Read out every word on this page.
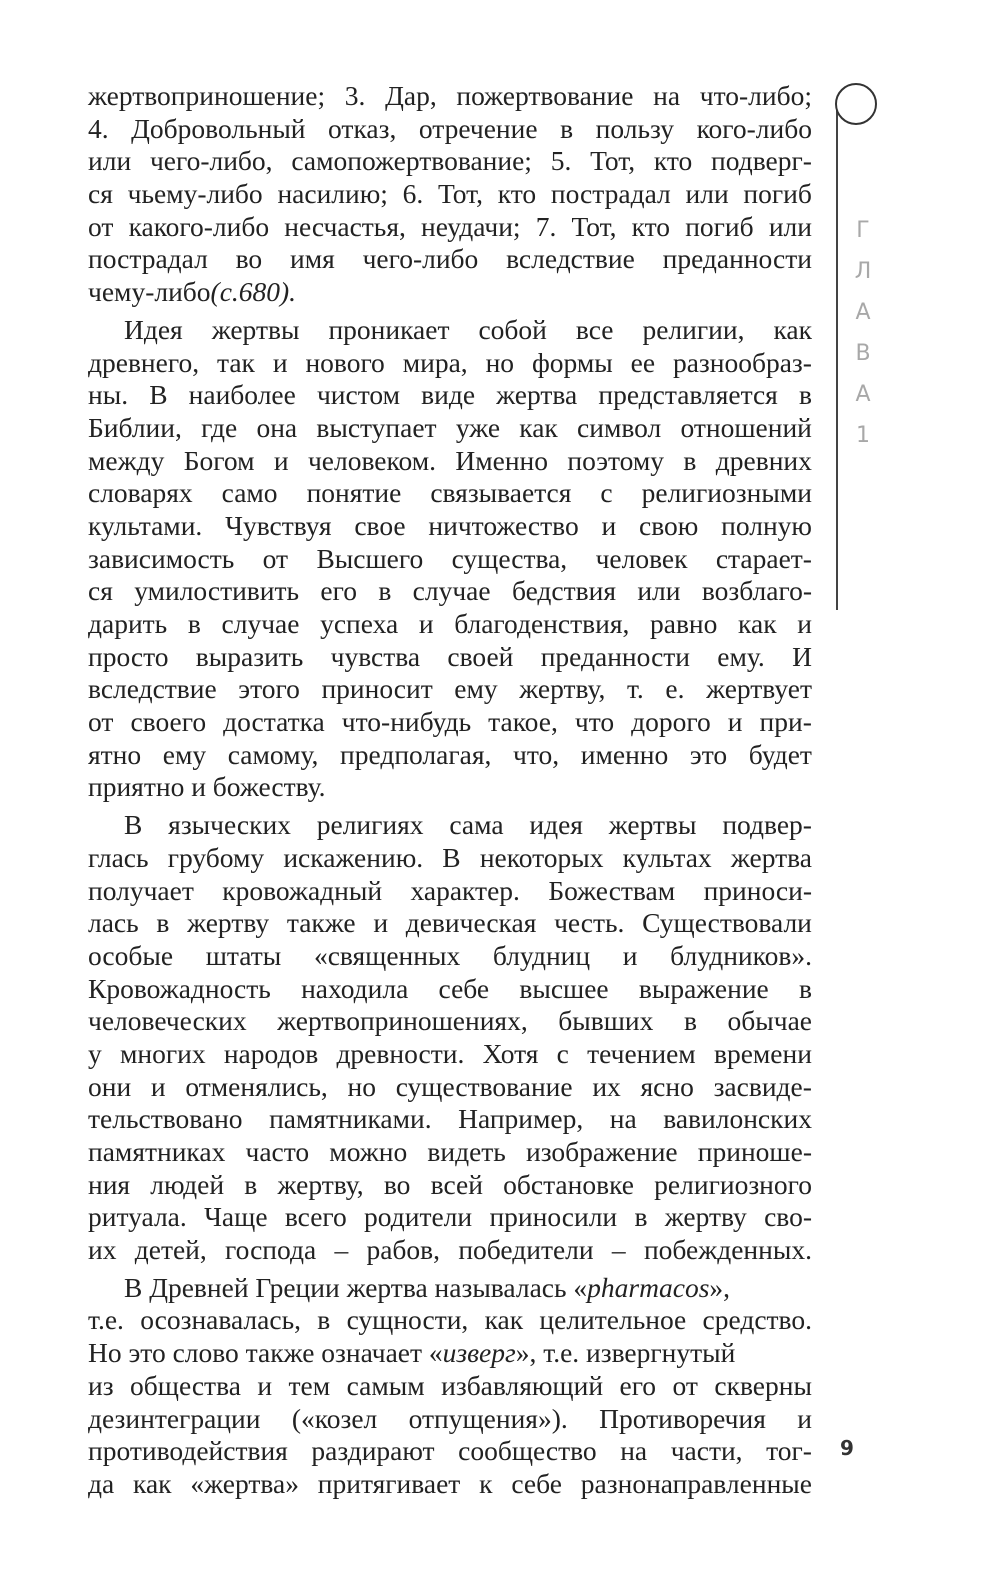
жертвоприношение; 3. Дар, пожертвование на что-либо;
4. Добровольный отказ, отречение в пользу кого-либо
или чего-либо, самопожертвование; 5. Тот, кто подверг-
ся чьему-либо насилию; 6. Тот, кто пострадал или погиб
от какого-либо несчастья, неудачи; 7. Тот, кто погиб или
пострадал во имя чего-либо вследствие преданности
чему-либо (с.680).
Идея жертвы проникает собой все религии, как
древнего, так и нового мира, но формы ее разнообраз-
ны. В наиболее чистом виде жертва представляется в
Библии, где она выступает уже как символ отношений
между Богом и человеком. Именно поэтому в древних
словарях само понятие связывается с религиозными
культами. Чувствуя свое ничтожество и свою полную
зависимость от Высшего существа, человек старает-
ся умилостивить его в случае бедствия или возблаго-
дарить в случае успеха и благоденствия, равно как и
просто выразить чувства своей преданности ему. И
вследствие этого приносит ему жертву, т. е. жертвует
от своего достатка что-нибудь такое, что дорого и при-
ятно ему самому, предполагая, что, именно это будет
приятно и божеству.
В языческих религиях сама идея жертвы подвер-
глась грубому искажению. В некоторых культах жертва
получает кровожадный характер. Божествам приноси-
лась в жертву также и девическая честь. Существовали
особые штаты «священных блудниц и блудников».
Кровожадность находила себе высшее выражение в
человеческих жертвоприношениях, бывших в обычае
у многих народов древности. Хотя с течением времени
они и отменялись, но существование их ясно засвиде-
тельствовано памятниками. Например, на вавилонских
памятниках часто можно видеть изображение приноше-
ния людей в жертву, во всей обстановке религиозного
ритуала. Чаще всего родители приносили в жертву сво-
их детей, господа – рабов, победители – побежденных.
В Древней Греции жертва называлась « pharmacos »,
т.е. осознавалась, в сущности, как целительное средство.
Но это слово также означает « изверг », т.е. извергнутый
из общества и тем самым избавляющий его от скверны
дезинтеграции («козел отпущения»). Противоречия и
противодействия раздирают сообщество на части, тог-
да как «жертва» притягивает к себе разнонаправленные
Г
Л
А
В
А
1
9
